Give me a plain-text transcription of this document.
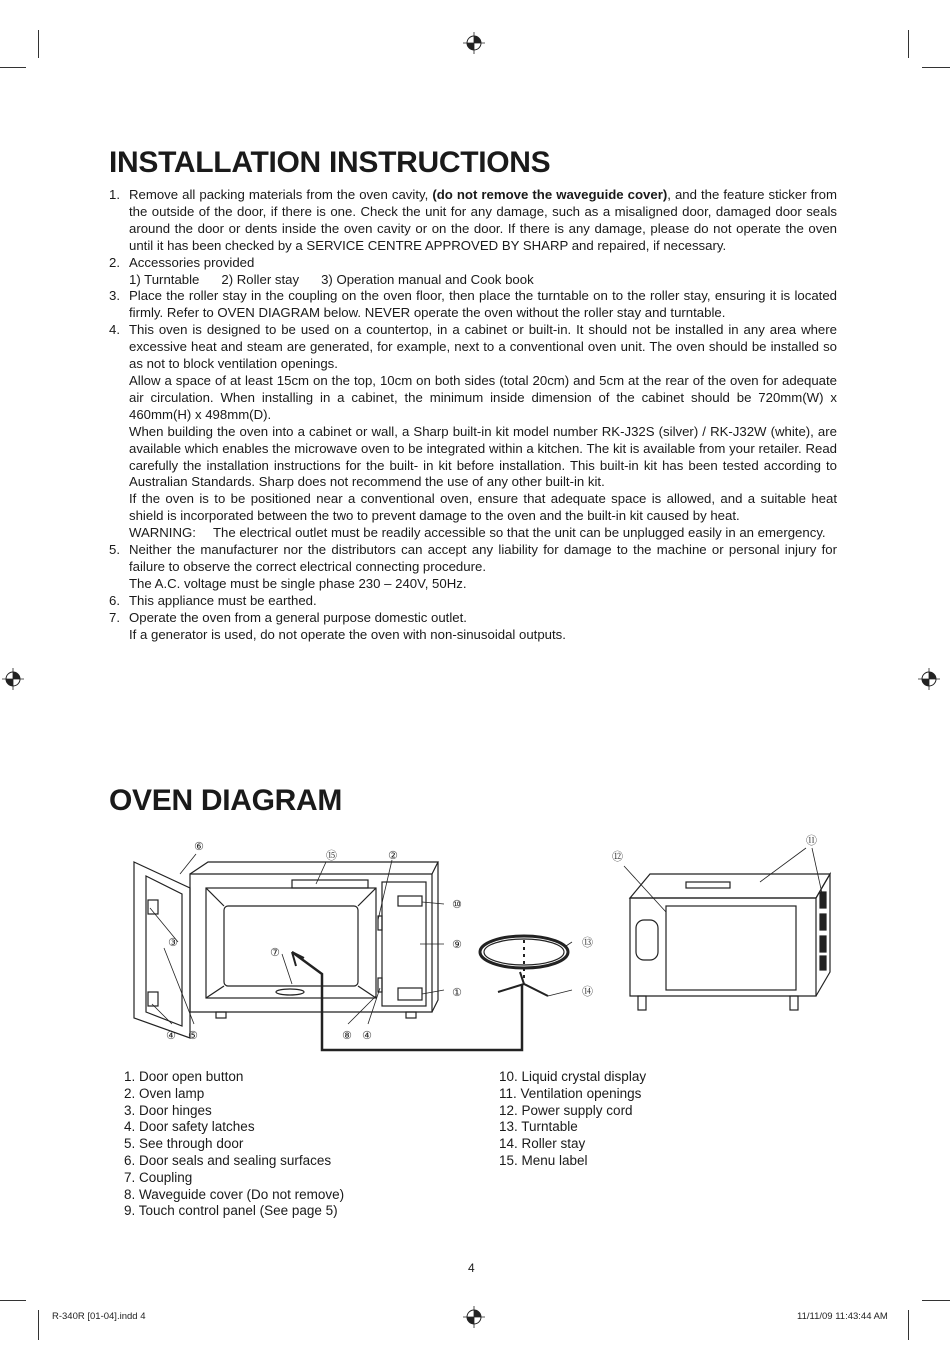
INSTALLATION INSTRUCTIONS
1. Remove all packing materials from the oven cavity, (do not remove the waveguide cover), and the feature sticker from the outside of the door, if there is one. Check the unit for any damage, such as a misaligned door, damaged door seals around the door or dents inside the oven cavity or on the door. If there is any damage, please do not operate the oven until it has been checked by a SERVICE CENTRE APPROVED BY SHARP and repaired, if necessary.
2. Accessories provided

1) Turntable 2) Roller stay 3) Operation manual and Cook book

3. Place the roller stay in the coupling on the oven floor, then place the turntable on to the roller stay, ensuring it is located firmly. Refer to OVEN DIAGRAM below. NEVER operate the oven without the roller stay and turntable.
4. This oven is designed to be used on a countertop, in a cabinet or built-in. It should not be installed in any area where excessive heat and steam are generated, for example, next to a conventional oven unit. The oven should be installed so as not to block ventilation openings.

Allow a space of at least 15cm on the top, 10cm on both sides (total 20cm) and 5cm at the rear of the oven for adequate air circulation. When installing in a cabinet, the minimum inside dimension of the cabinet should be 720mm(W) x 460mm(H) x 498mm(D).

When building the oven into a cabinet or wall, a Sharp built-in kit model number RK-J32S (silver) / RK-J32W (white), are available which enables the microwave oven to be integrated within a kitchen. The kit is available from your retailer. Read carefully the installation instructions for the built- in kit before installation. This built-in kit has been tested according to Australian Standards. Sharp does not recommend the use of any other built-in kit.

If the oven is to be positioned near a conventional oven, ensure that adequate space is allowed, and a suitable heat shield is incorporated between the two to prevent damage to the oven and the built-in kit caused by heat.

WARNING:	The electrical outlet must be readily accessible so that the unit can be unplugged easily in an emergency.
5. Neither the manufacturer nor the distributors can accept any liability for damage to the machine or personal injury for failure to observe the correct electrical connecting procedure.

The A.C. voltage must be single phase 230 – 240V, 50Hz.

6. This appliance must be earthed.
7. Operate the oven from a general purpose domestic outlet.

If a generator is used, do not operate the oven with non-sinusoidal outputs.

OVEN DIAGRAM
⑥
⑮	②
⑩
⑨
①
③
⑦
④ ⑤	⑧ ④
⑬
⑭
⑫
⑪
1. Door open button
2. Oven lamp
3. Door hinges
4. Door safety latches
5. See through door
6. Door seals and sealing surfaces
7. Coupling
8. Waveguide cover (Do not remove)
9. Touch control panel (See page 5)
10. Liquid crystal display
11. Ventilation openings
12. Power supply cord
13. Turntable
14. Roller stay
15. Menu label
4
R-340R [01-04].indd 4	11/11/09 11:43:44 AM
